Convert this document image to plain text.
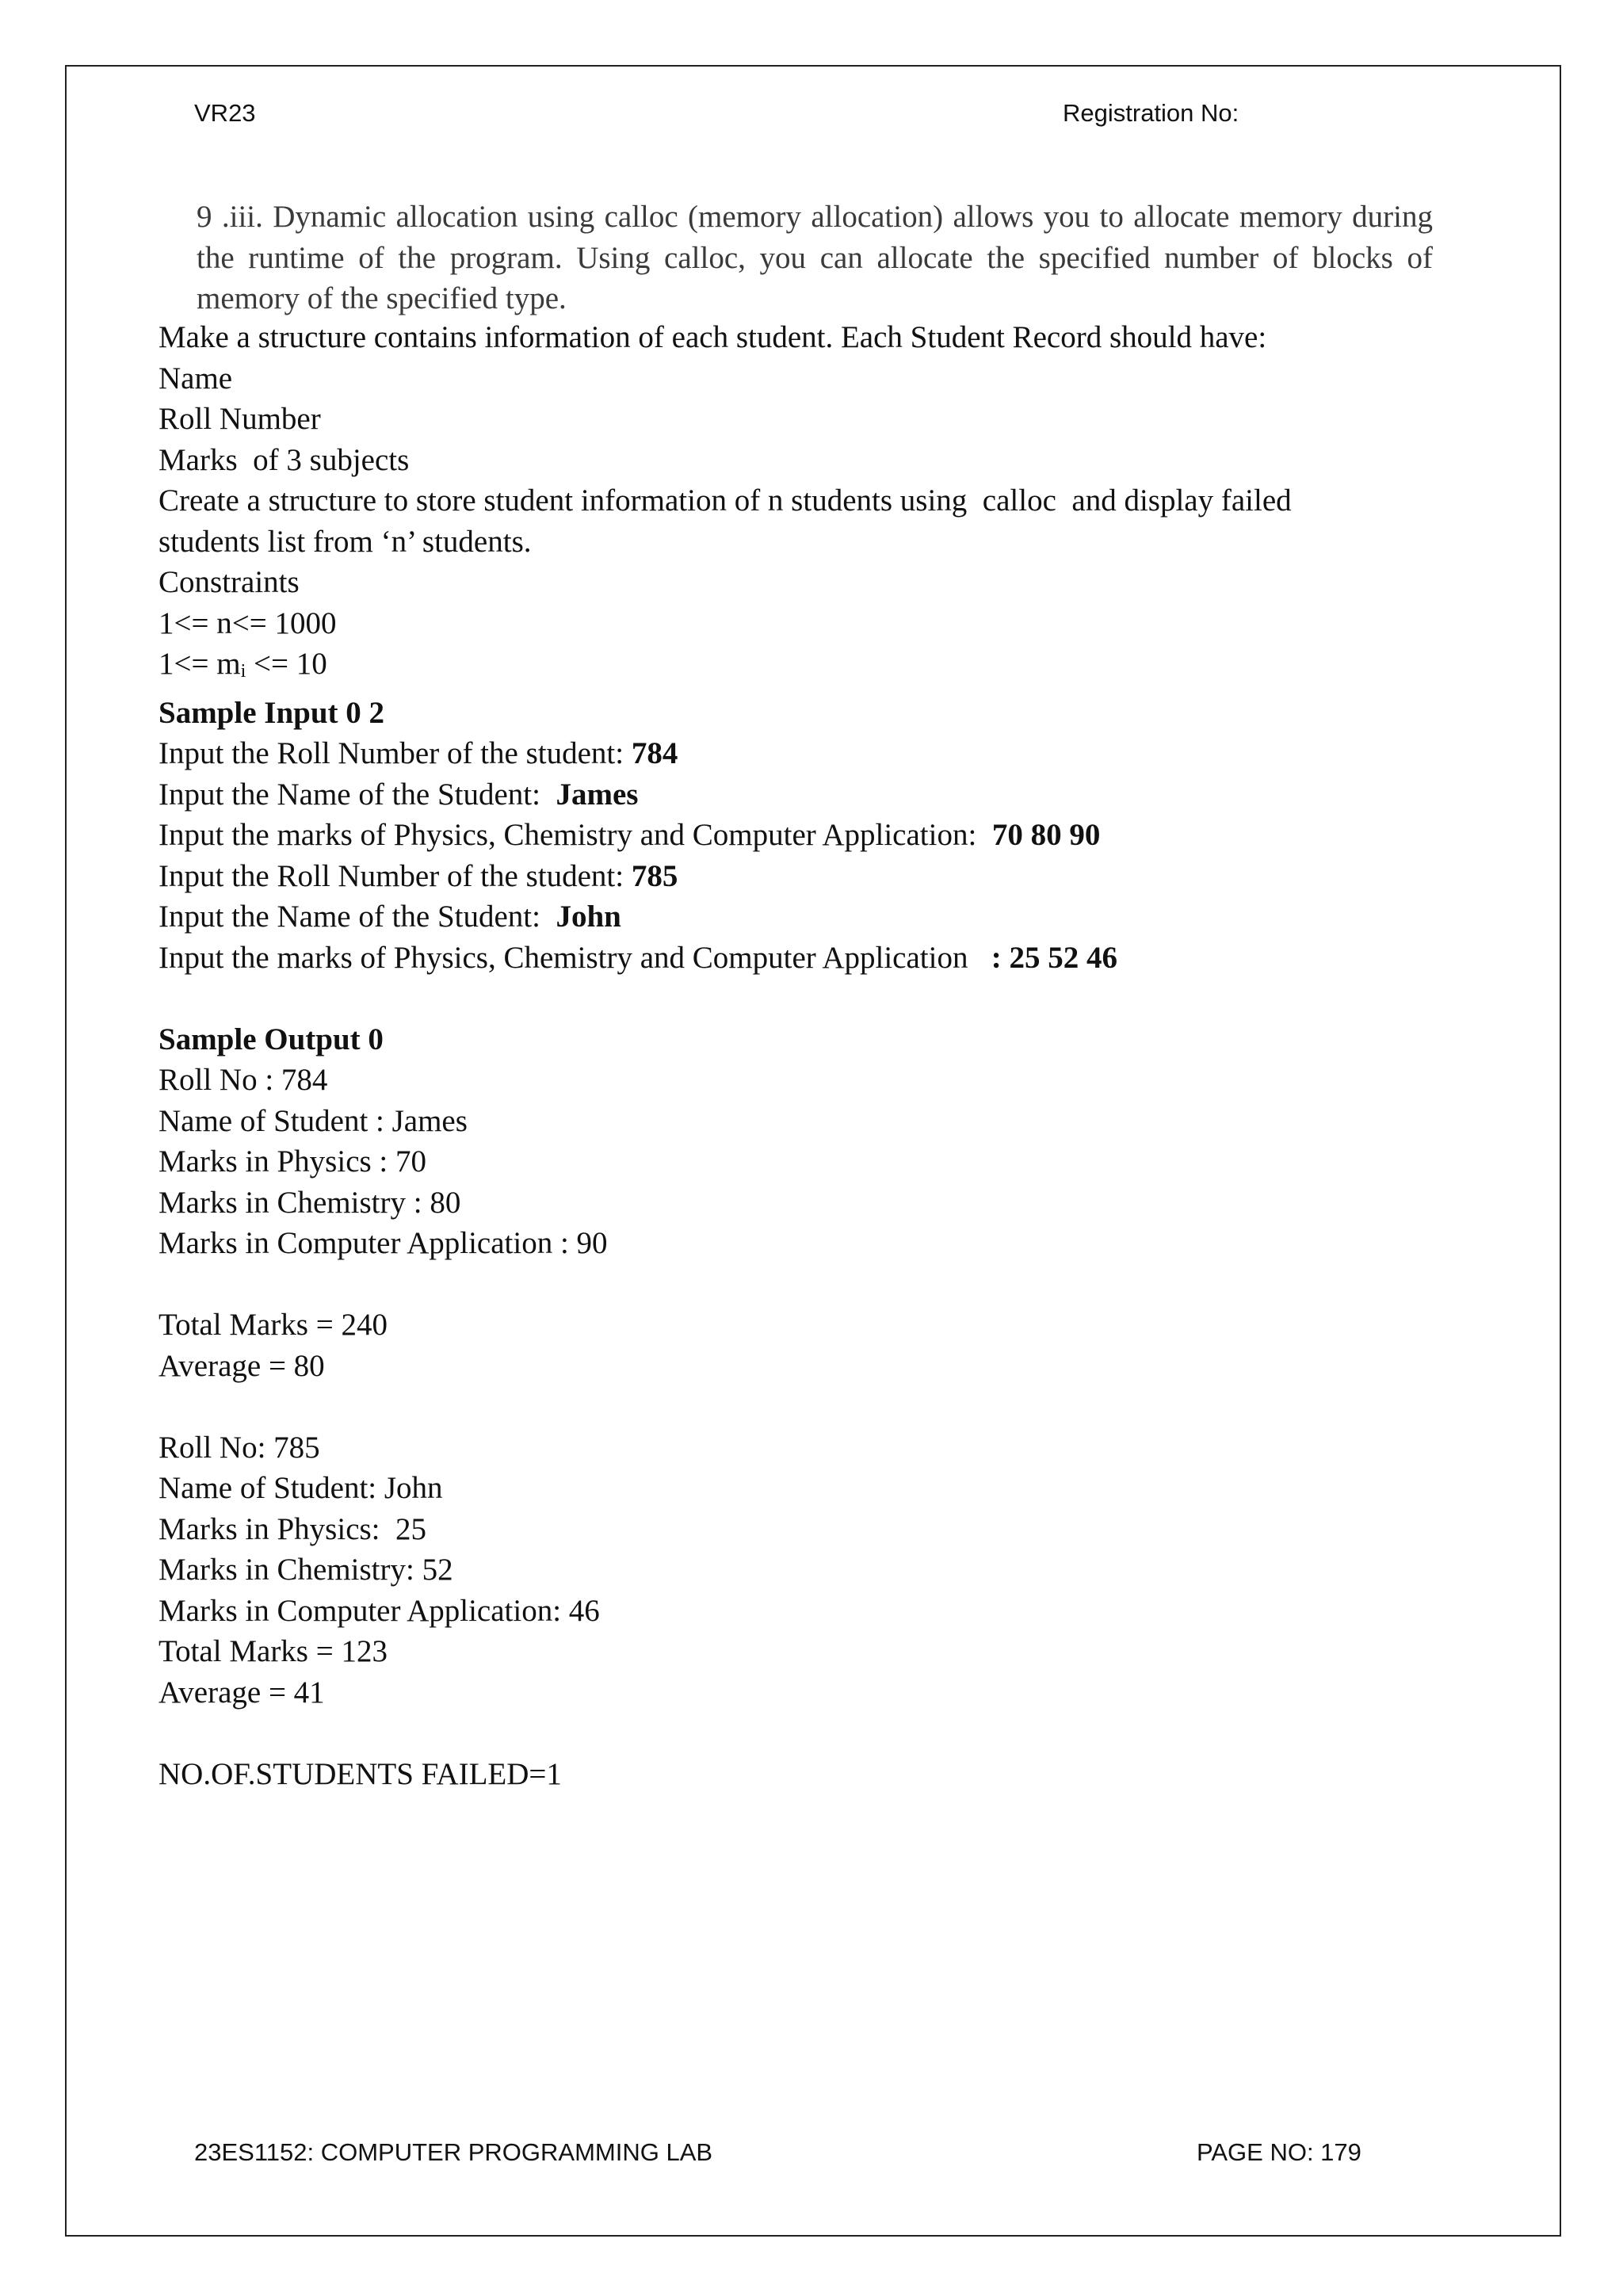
VR23	Registration No:
9 .iii. Dynamic allocation using calloc (memory allocation) allows you to allocate memory during the runtime of the program. Using calloc, you can allocate the specified number of blocks of memory of the specified type.

Make a structure contains information of each student. Each Student Record should have:

Name

Roll Number

Marks  of 3 subjects

Create a structure to store student information of n students using  calloc  and display failed

students list from ‘n’ students.

Constraints

1<= n<= 1000

$1<= m_i <= 10$

Sample Input 0 2

Input the Roll Number of the student: 784

Input the Name of the Student:  James

Input the marks of Physics, Chemistry and Computer Application:  70 80 90

Input the Roll Number of the student: 785

Input the Name of the Student:  John

Input the marks of Physics, Chemistry and Computer Application   : 25 52 46

Sample Output 0

Roll No : 784

Name of Student : James

Marks in Physics : 70

Marks in Chemistry : 80

Marks in Computer Application : 90

Total Marks = 240

Average = 80

Roll No: 785

Name of Student: John

Marks in Physics:  25

Marks in Chemistry: 52

Marks in Computer Application: 46

Total Marks = 123

Average = 41

NO.OF.STUDENTS FAILED=1

23ES1152: COMPUTER PROGRAMMING LAB	PAGE NO: 179
